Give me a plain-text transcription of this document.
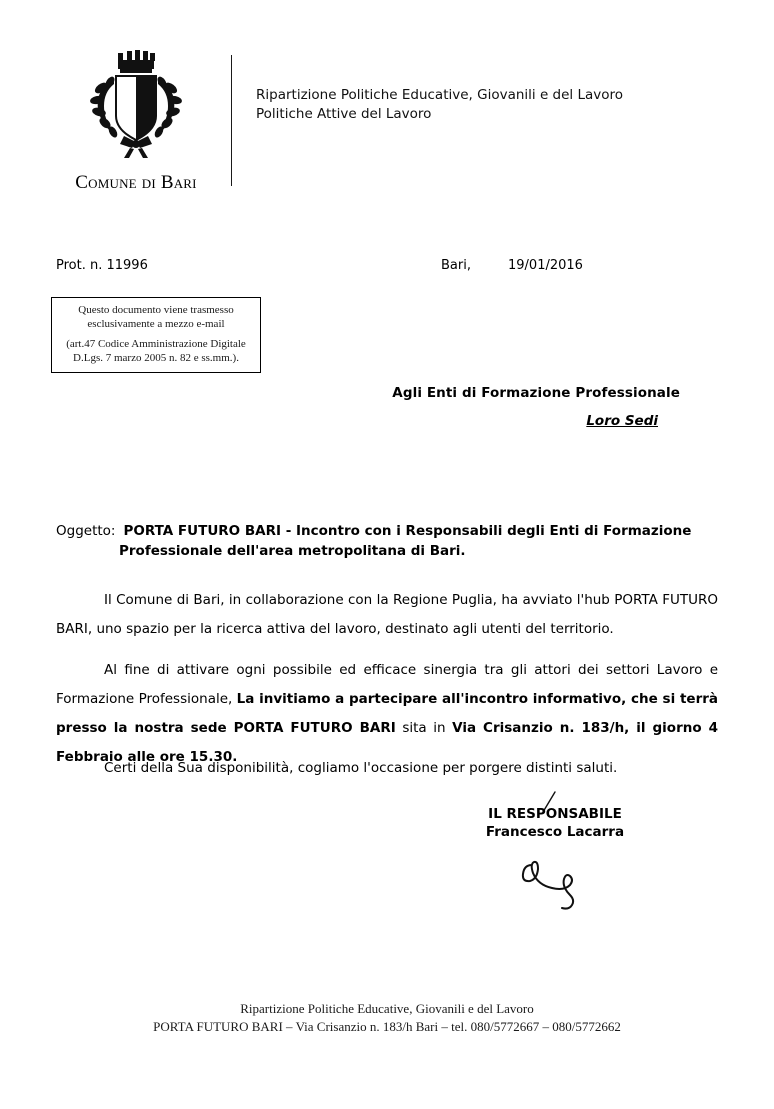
Comune di Bari
Ripartizione Politiche Educative, Giovanili e del Lavoro
Politiche Attive del Lavoro
Prot. n. 11996	Bari,	19/01/2016
Questo documento viene trasmesso
esclusivamente a mezzo e-mail
(art.47 Codice Amministrazione Digitale
D.Lgs. 7 marzo 2005 n. 82 e ss.mm.).
Agli Enti di Formazione Professionale
Loro Sedi
Oggetto: PORTA FUTURO BARI - Incontro con i Responsabili degli Enti di Formazione Professionale dell'area metropolitana di Bari.
Il Comune di Bari, in collaborazione con la Regione Puglia, ha avviato l'hub PORTA FUTURO BARI, uno spazio per la ricerca attiva del lavoro, destinato agli utenti del territorio.
Al fine di attivare ogni possibile ed efficace sinergia tra gli attori dei settori Lavoro e Formazione Professionale, La invitiamo a partecipare all'incontro informativo, che si terrà presso la nostra sede PORTA FUTURO BARI sita in Via Crisanzio n. 183/h, il giorno 4 Febbraio alle ore 15.30.
Certi della Sua disponibilità, cogliamo l'occasione per porgere distinti saluti.
IL RESPONSABILE
Francesco Lacarra
Ripartizione Politiche Educative, Giovanili e del Lavoro
PORTA FUTURO BARI – Via Crisanzio n. 183/h Bari – tel. 080/5772667 – 080/5772662
